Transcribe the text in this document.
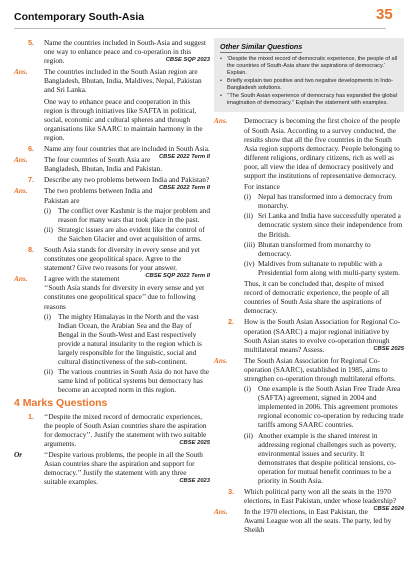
Contemporary South-Asia	35
5. Name the countries included in South-Asia and suggest one way to enhance peace and co-operation in this region.	CBSE SQP 2023
Ans. The countries included in the South Asian region are Bangladesh, Bhutan, India, Maldives, Nepal, Pakistan and Sri Lanka.
One way to enhance peace and cooperation in this region is through initiatives like SAFTA in political, social, economic and cultural spheres and through organisations like SAARC to maintain harmony in the region.
6. Name any four countries that are included in South Asia.
CBSE 2022 Term II
Ans. The four countries of South Asia are Bangladesh, Bhutan, India and Pakistan.
7. Describe any two problems between India and Pakistan?
CBSE 2022 Term II
Ans. The two problems between India and Pakistan are
(i) The conflict over Kashmir is the major problem and reason for many wars that took place in the past.
(ii) Strategic issues are also evident like the control of the Saichen Glacier and over acquisition of arms.
8. South Asia stands for diversity in every sense and yet constitutes one geopolitical space. Agree to the statement? Give two reasons for your answer.
CBSE SQP 2022 Term II
Ans. I agree with the statement ‘‘South Asia stands for diversity in every sense and yet constitutes one geopolitical space’’ due to following reasons
(i) The mighty Himalayas in the North and the vast Indian Ocean, the Arabian Sea and the Bay of Bengal in the South-West and East respectively provide a natural insularity to the region which is largely responsible for the linguistic, social and cultural distinctiveness of the sub-continent.
(ii) The various countries in South Asia do not have the same kind of political systems but democracy has become an accepted norm in this region.
4 Marks Questions
1. ‘‘Despite the mixed record of democratic experiences, the people of South Asian countries share the aspiration for democracy’’. Justify the statement with two suitable arguments.	CBSE 2025
Or	‘‘Despite various problems, the people in all the South Asian countries share the aspiration and support for democracy.’’ Justify the statement with any three suitable examples.	CBSE 2023
Other Similar Questions
• ‘Despite the mixed record of democratic experience, the people of all the countries of South-Asia share the aspirations of democracy.’ Explain.
• Briefly explain two positive and two negative developments in Indo-Bangladesh solutions.
• ‘‘The South Asian experience of democracy has expanded the global imagination of democracy.’’ Explain the statement with examples.
Ans. Democracy is becoming the first choice of the people of South Asia. According to a survey conducted, the results show that all the five countries in the South Asia region supports democracy. People belonging to different religions, ordinary citizens, rich as well as poor, all view the idea of democracy positively and support the institutions of representative democracy.
For instance
(i) Nepal has transformed into a democracy from monarchy.
(ii) Sri Lanka and India have successfully operated a democratic system since their independence from the British.
(iii) Bhutan transformed from monarchy to democracy.
(iv) Maldives from sultanate to republic with a Presidential form along with multi-party system.
Thus, it can be concluded that, despite of mixed record of democratic experience, the people of all countries of South Asia share the aspirations of democracy.
2. How is the South Asian Association for Regional Co-operation (SAARC) a major regional initiative by South Asian states to evolve co-operation through multilateral means? Assess.	CBSE 2025
Ans. The South Asian Association for Regional Co-operation (SAARC), established in 1985, aims to strengthen co-operation through multilateral efforts.
(i) One example is the South Asian Free Trade Area (SAFTA) agreement, signed in 2004 and implemented in 2006. This agreement promotes regional economic co-operation by reducing trade tariffs among SAARC countries.
(ii) Another example is the shared interest in addressing regional challenges such as poverty, environmental issues and security. It demonstrates that despite political tensions, co-operation for mutual benefit continues to be a priority in South Asia.
3. Which political party won all the seats in the 1970 elections, in East Pakistan, under whose leadership?
CBSE 2024
Ans. In the 1970 elections, in East Pakistan, the Awami League won all the seats. The party, led by Sheikh
